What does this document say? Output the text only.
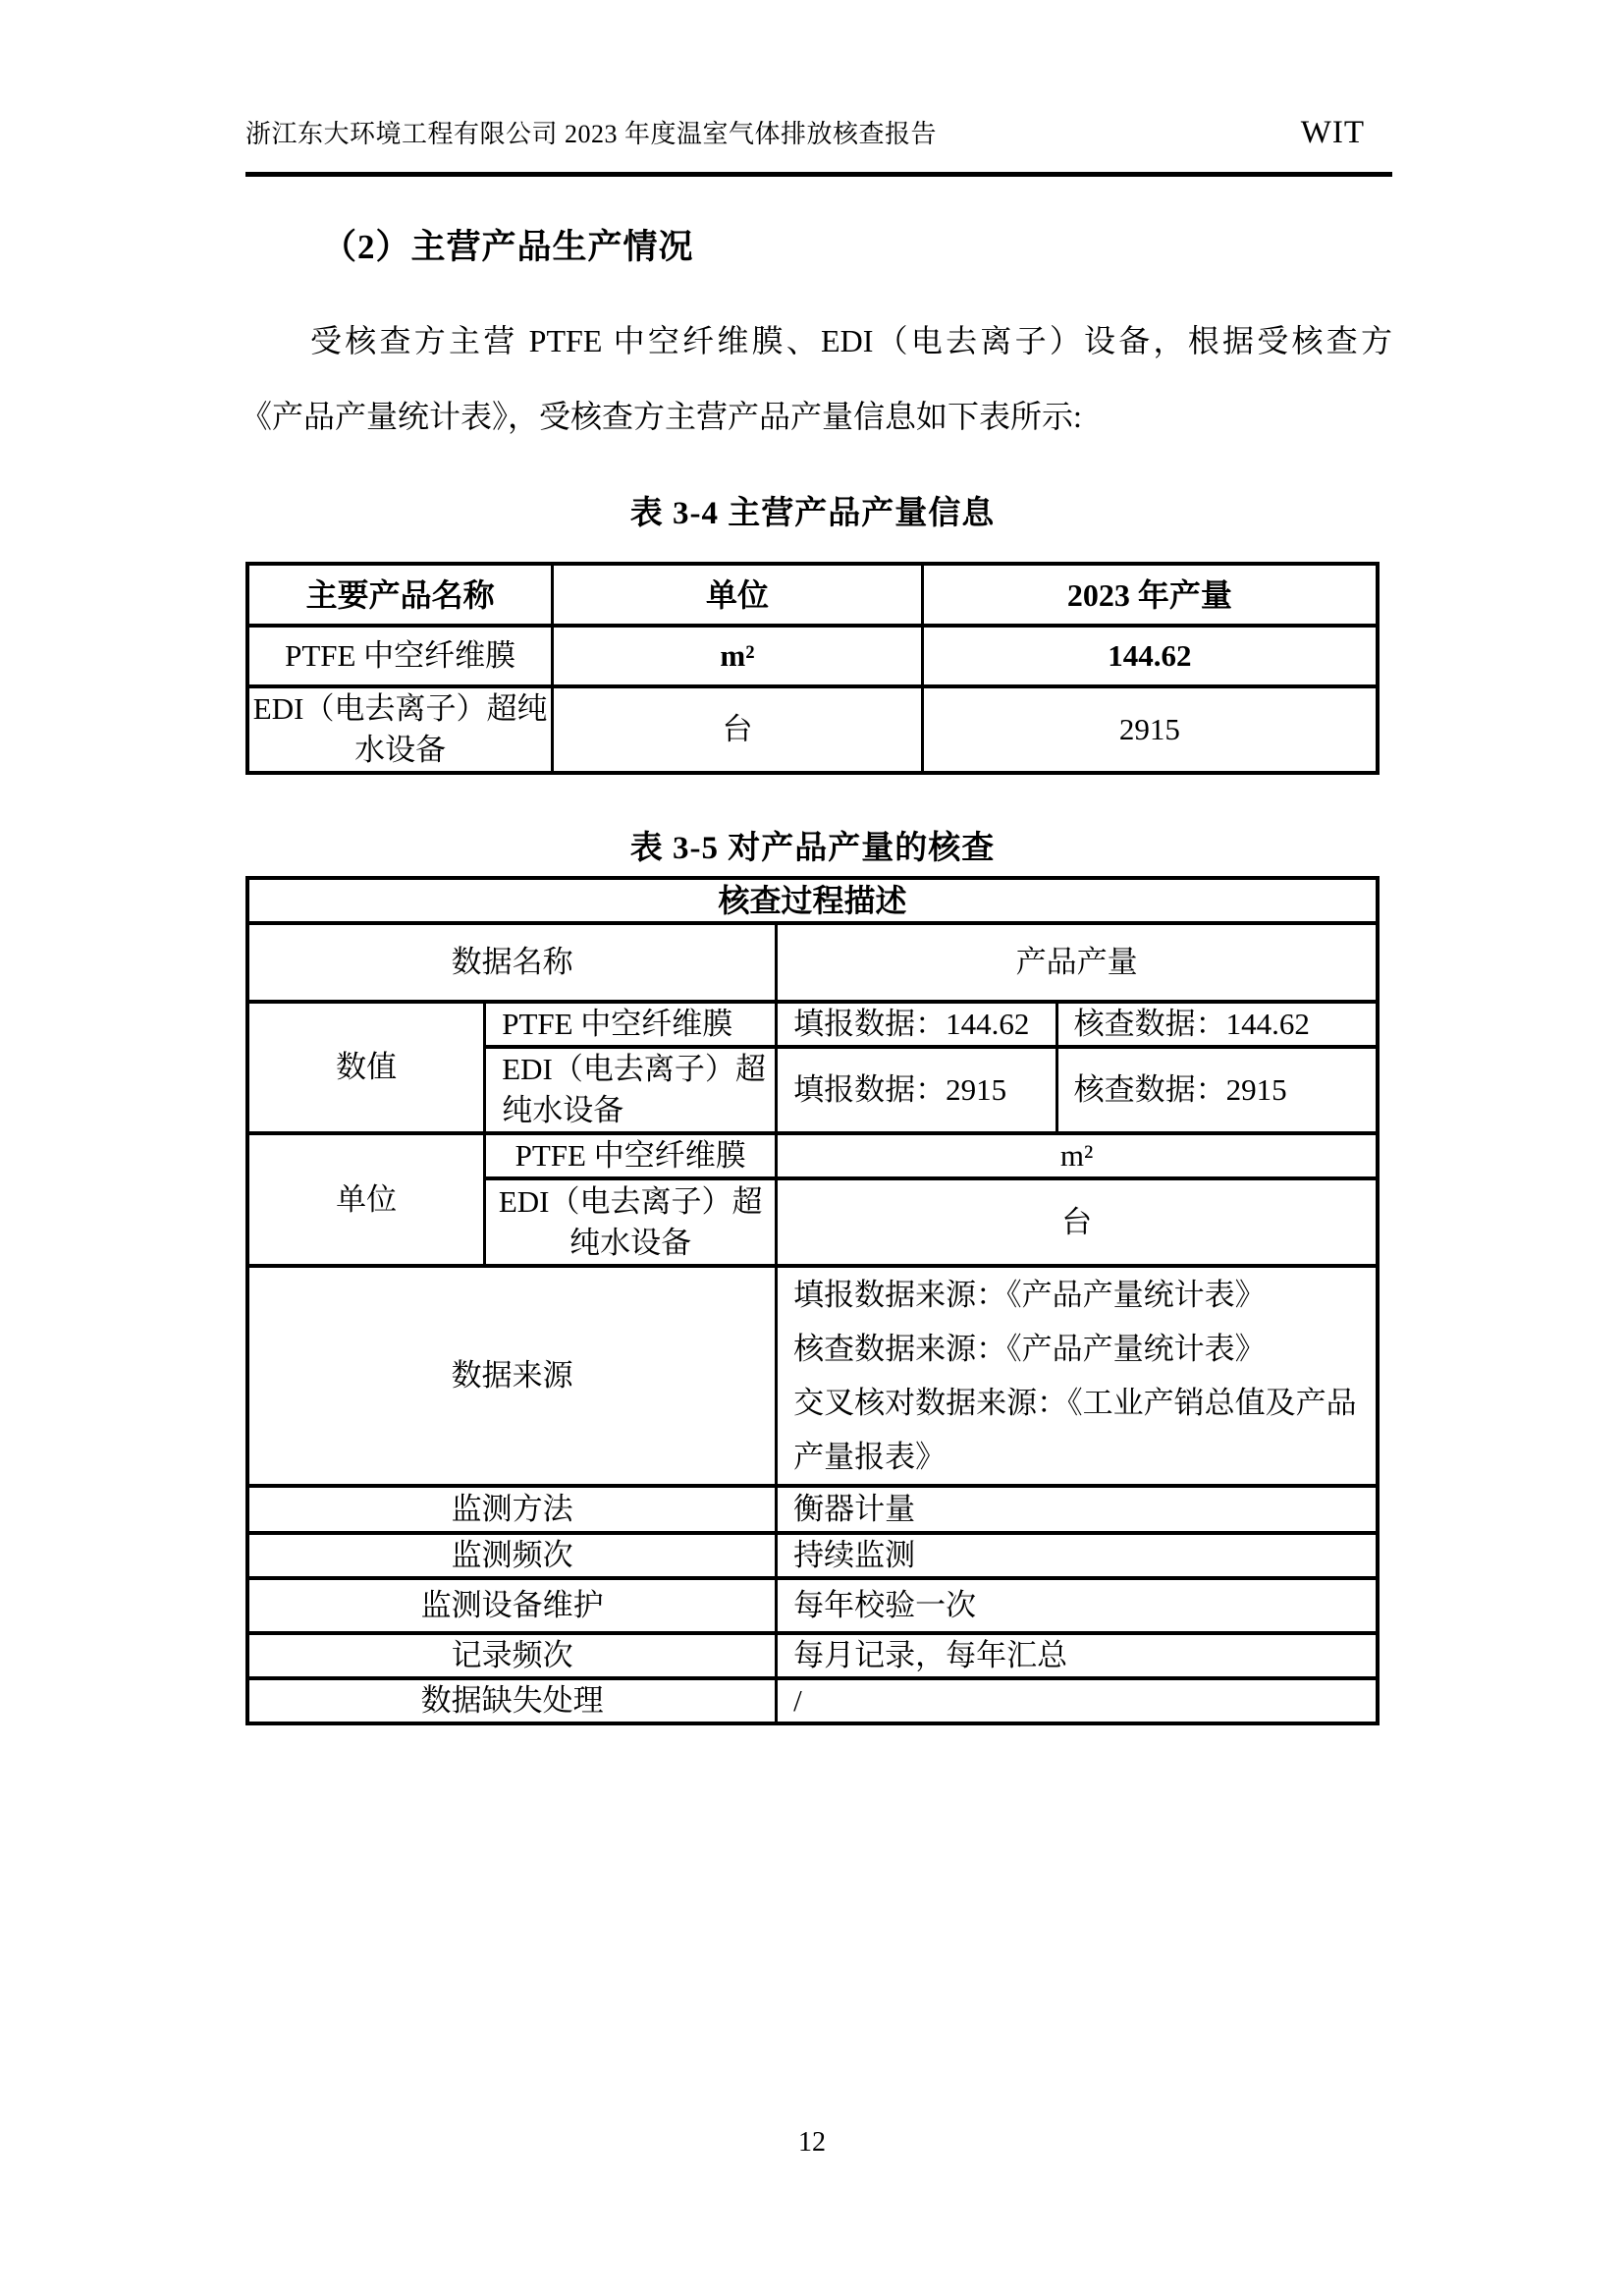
浙江东大环境工程有限公司 2023 年度温室气体排放核查报告	WIT
（2）主营产品生产情况
受核查方主营 PTFE 中空纤维膜、EDI（电去离子）设备，根据受核查方
《产品产量统计表》，受核查方主营产品产量信息如下表所示:
表 3-4 主营产品产量信息
主要产品名称	单位	2023 年产量
PTFE 中空纤维膜	m²	144.62
EDI（电去离子）超纯水设备	台	2915
表 3-5 对产品产量的核查
核查过程描述			
数据名称		产品产量	
数值	PTFE 中空纤维膜	填报数据：144.62	核查数据：144.62
	EDI（电去离子）超纯水设备	填报数据：2915	核查数据：2915
单位	PTFE 中空纤维膜	m²	
	EDI（电去离子）超纯水设备	台	
数据来源		填报数据来源：《产品产量统计表》
核查数据来源：《产品产量统计表》
交叉核对数据来源：《工业产销总值及产品产量报表》	

监测方法		衡器计量	
监测频次		持续监测	
监测设备维护		每年校验一次	
记录频次		每月记录，每年汇总	
数据缺失处理		/	
12
